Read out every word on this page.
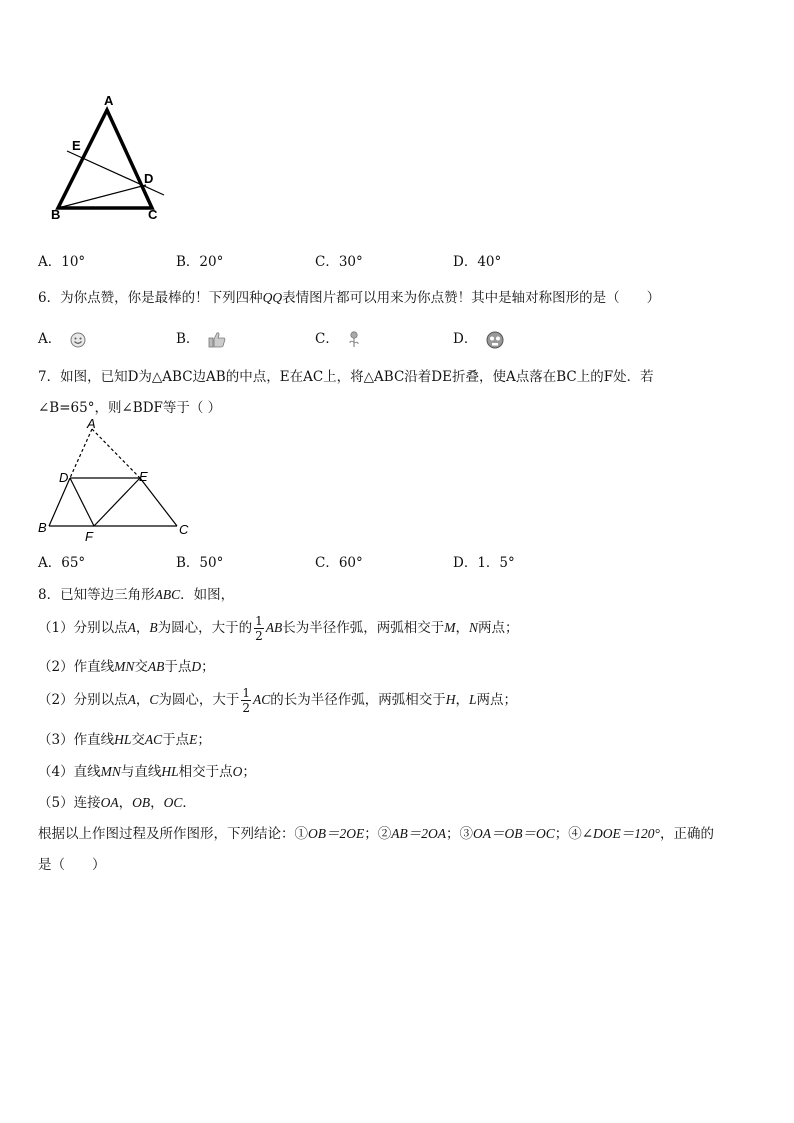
A
E
D
B	C
A．10°	B．20°	C．30°	D．40°
6．为你点赞，你是最棒的！下列四种QQ表情图片都可以用来为你点赞！其中是轴对称图形的是（　　）
A．	B．	C．	D．
7．如图，已知D为△ABC边AB的中点，E在AC上，将△ABC沿着DE折叠，使A点落在BC上的F处．若
∠B=65°，则∠BDF等于（ ）
A
D	E
B
F	C
A．65°	B．50°	C．60°	D．1．5°
8．已知等边三角形ABC．如图，
（1）分别以点A，B为圆心，大于的 $\frac{1}{2}$ AB长为半径作弧，两弧相交于M，N两点；
（2）作直线MN交AB于点D；
（2）分别以点A，C为圆心，大于 $\frac{1}{2}$ AC的长为半径作弧，两弧相交于H，L两点；
（3）作直线HL交AC于点E；
（4）直线MN与直线HL相交于点O；
（5）连接OA，OB，OC．
根据以上作图过程及所作图形，下列结论：①OB＝2OE；②AB＝2OA；③OA＝OB＝OC；④∠DOE＝120°，正确的
是（　　）
